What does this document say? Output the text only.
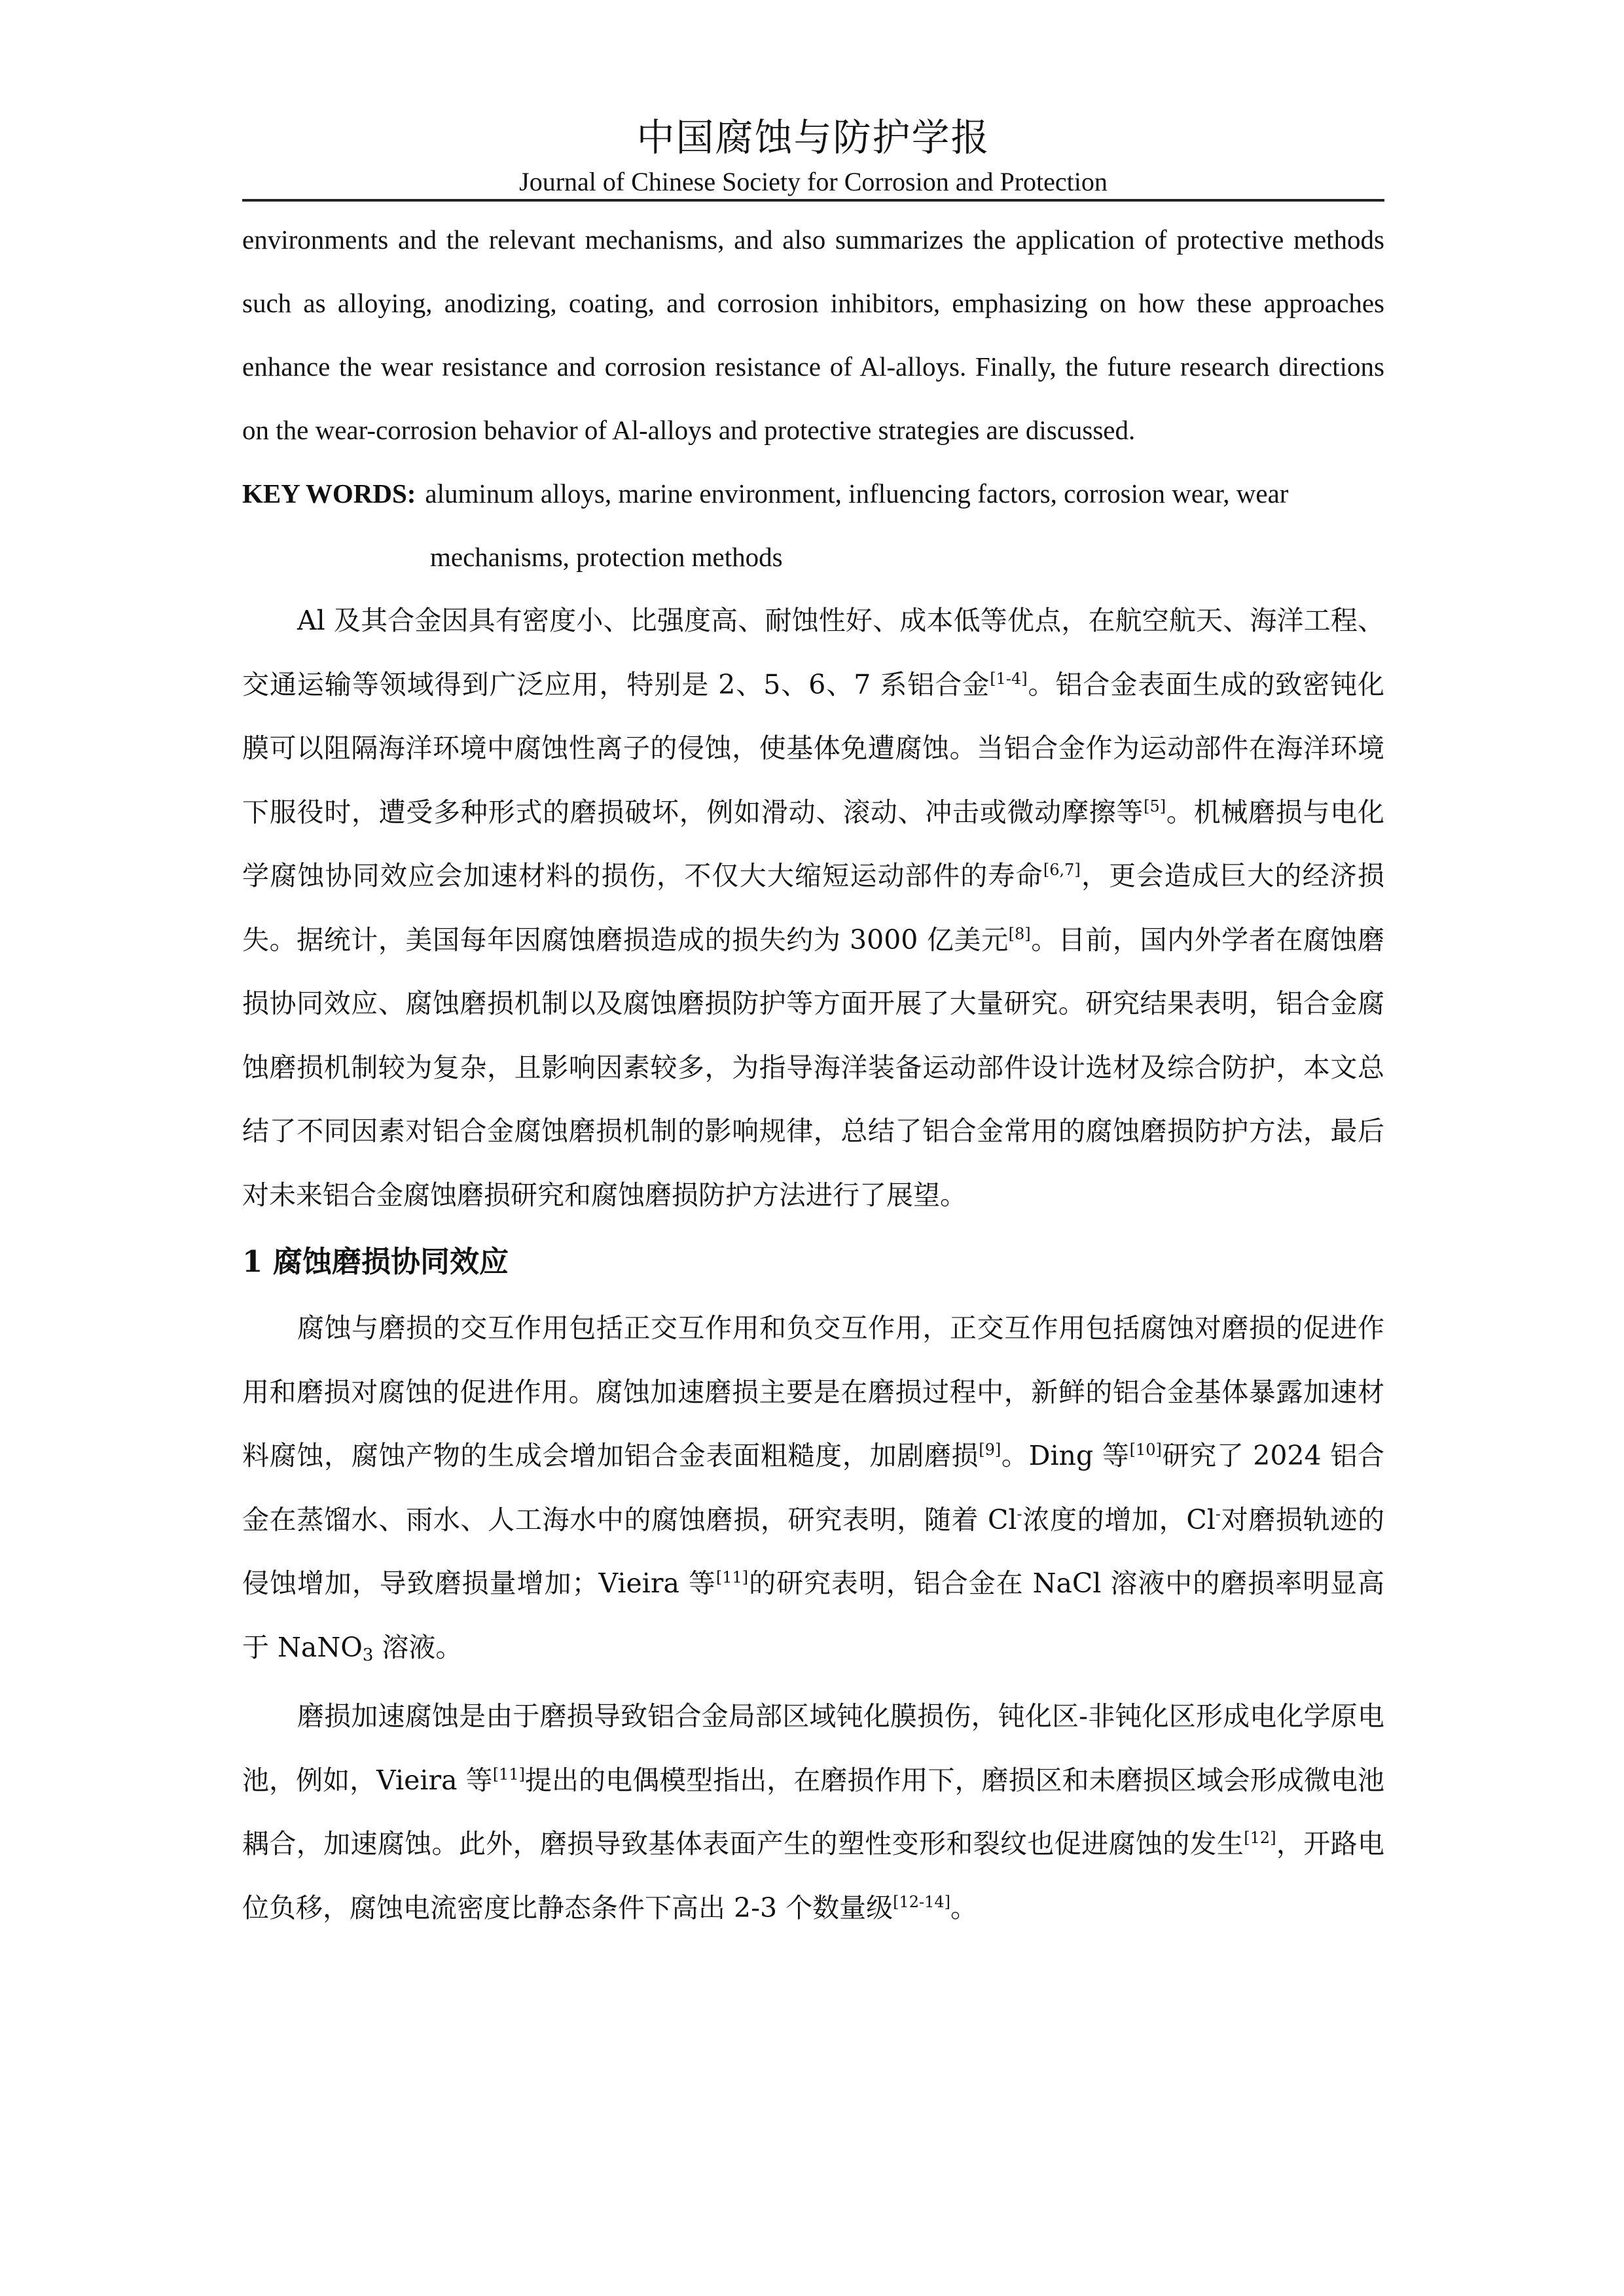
中国腐蚀与防护学报
Journal of Chinese Society for Corrosion and Protection

environments and the relevant mechanisms, and also summarizes the application of protective methods such as alloying, anodizing, coating, and corrosion inhibitors, emphasizing on how these approaches enhance the wear resistance and corrosion resistance of Al-alloys. Finally, the future research directions on the wear-corrosion behavior of Al-alloys and protective strategies are discussed.

KEY WORDS: aluminum alloys, marine environment, influencing factors, corrosion wear, wear
mechanisms, protection methods

Al 及其合金因具有密度小、比强度高、耐蚀性好、成本低等优点，在航空航天、海洋工程、交通运输等领域得到广泛应用，特别是 2、5、6、7 系铝合金[1-4]。铝合金表面生成的致密钝化膜可以阻隔海洋环境中腐蚀性离子的侵蚀，使基体免遭腐蚀。当铝合金作为运动部件在海洋环境下服役时，遭受多种形式的磨损破坏，例如滑动、滚动、冲击或微动摩擦等[5]。机械磨损与电化学腐蚀协同效应会加速材料的损伤，不仅大大缩短运动部件的寿命[6,7]，更会造成巨大的经济损失。据统计，美国每年因腐蚀磨损造成的损失约为 3000 亿美元[8]。目前，国内外学者在腐蚀磨损协同效应、腐蚀磨损机制以及腐蚀磨损防护等方面开展了大量研究。研究结果表明，铝合金腐蚀磨损机制较为复杂，且影响因素较多，为指导海洋装备运动部件设计选材及综合防护，本文总结了不同因素对铝合金腐蚀磨损机制的影响规律，总结了铝合金常用的腐蚀磨损防护方法，最后对未来铝合金腐蚀磨损研究和腐蚀磨损防护方法进行了展望。

1 腐蚀磨损协同效应

腐蚀与磨损的交互作用包括正交互作用和负交互作用，正交互作用包括腐蚀对磨损的促进作用和磨损对腐蚀的促进作用。腐蚀加速磨损主要是在磨损过程中，新鲜的铝合金基体暴露加速材料腐蚀，腐蚀产物的生成会增加铝合金表面粗糙度，加剧磨损[9]。Ding 等[10]研究了 2024 铝合金在蒸馏水、雨水、人工海水中的腐蚀磨损，研究表明，随着 Cl-浓度的增加，Cl-对磨损轨迹的侵蚀增加，导致磨损量增加；Vieira 等[11]的研究表明，铝合金在 NaCl 溶液中的磨损率明显高于 NaNO$_3$ 溶液。

磨损加速腐蚀是由于磨损导致铝合金局部区域钝化膜损伤，钝化区-非钝化区形成电化学原电池，例如，Vieira 等[11]提出的电偶模型指出，在磨损作用下，磨损区和未磨损区域会形成微电池耦合，加速腐蚀。此外，磨损导致基体表面产生的塑性变形和裂纹也促进腐蚀的发生[12]，开路电位负移，腐蚀电流密度比静态条件下高出 2-3 个数量级[12-14]。
